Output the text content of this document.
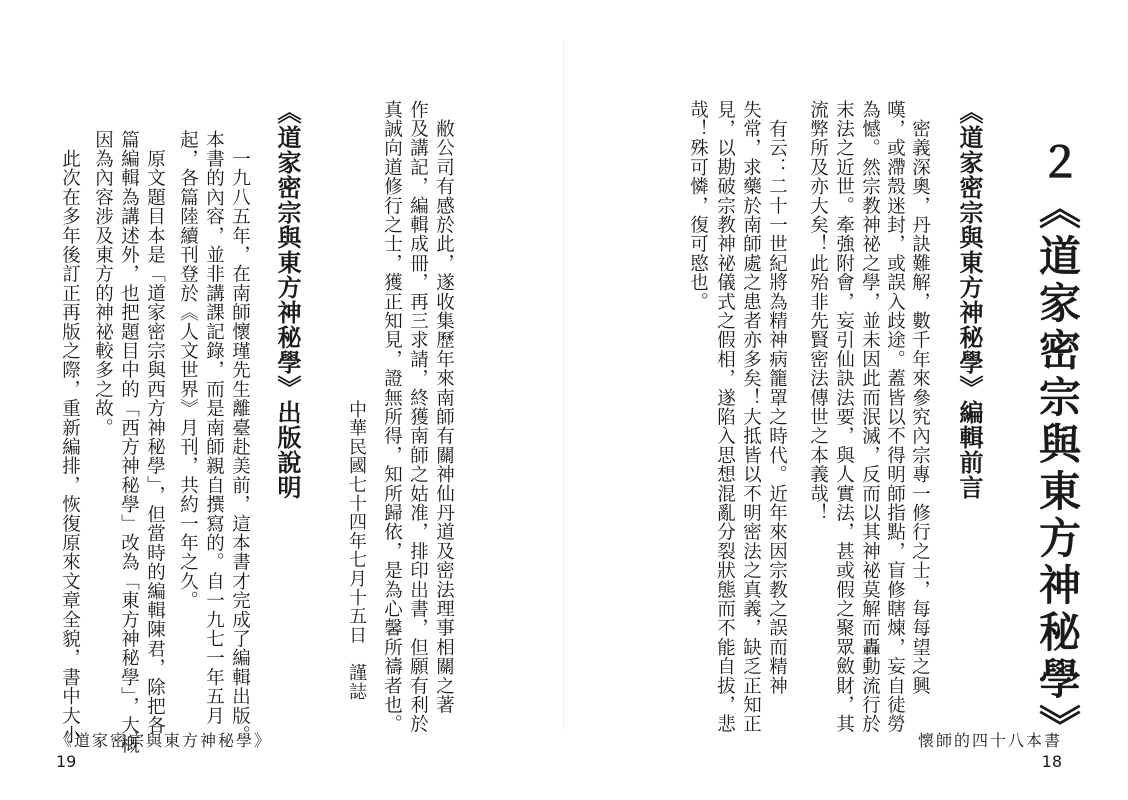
２《道家密宗與東方神秘學》
《道家密宗與東方神秘學》編輯前言
　密義深奧，丹訣難解，數千年來參究內宗專一修行之士，每每望之興
嘆，或滯殼迷封，或誤入歧途。蓋皆以不得明師指點，盲修瞎煉，妄自徒勞
為憾。然宗教神祕之學，並未因此而泯滅，反而以其神祕莫解而轟動流行於
末法之近世。牽強附會，妄引仙訣法要，與人實法，甚或假之聚眾斂財，其
流弊所及亦大矣！此殆非先賢密法傳世之本義哉！
　有云：二十一世紀將為精神病籠罩之時代。近年來因宗教之誤而精神
失常，求藥於南師處之患者亦多矣！大抵皆以不明密法之真義，缺乏正知正
見，以勘破宗教神祕儀式之假相，遂陷入思想混亂分裂狀態而不能自拔，悲
哉！殊可憐，復可愍也。
　敝公司有感於此，遂收集歷年來南師有關神仙丹道及密法理事相關之著
作及講記，編輯成冊，再三求請，終獲南師之姑准，排印出書，但願有利於
真誠向道修行之士，獲正知見，證無所得，知所歸依，是為心馨所禱者也。
中華民國七十四年七月十五日　謹誌
《道家密宗與東方神秘學》出版說明
　一九八五年，在南師懷瑾先生離臺赴美前，這本書才完成了編輯出版。
本書的內容，並非講課記錄，而是南師親自撰寫的。自一九七一年五月
起，各篇陸續刊登於《人文世界》月刊，共約一年之久。
　原文題目本是「道家密宗與西方神秘學」，但當時的編輯陳君，除把各
篇編輯為講述外，也把題目中的「西方神秘學」改為「東方神秘學」，大概
因為內容涉及東方的神祕較多之故。
　此次在多年後訂正再版之際，重新編排，恢復原來文章全貌，書中大小
《道家密宗與東方神秘學》
19
懷師的四十八本書
18
